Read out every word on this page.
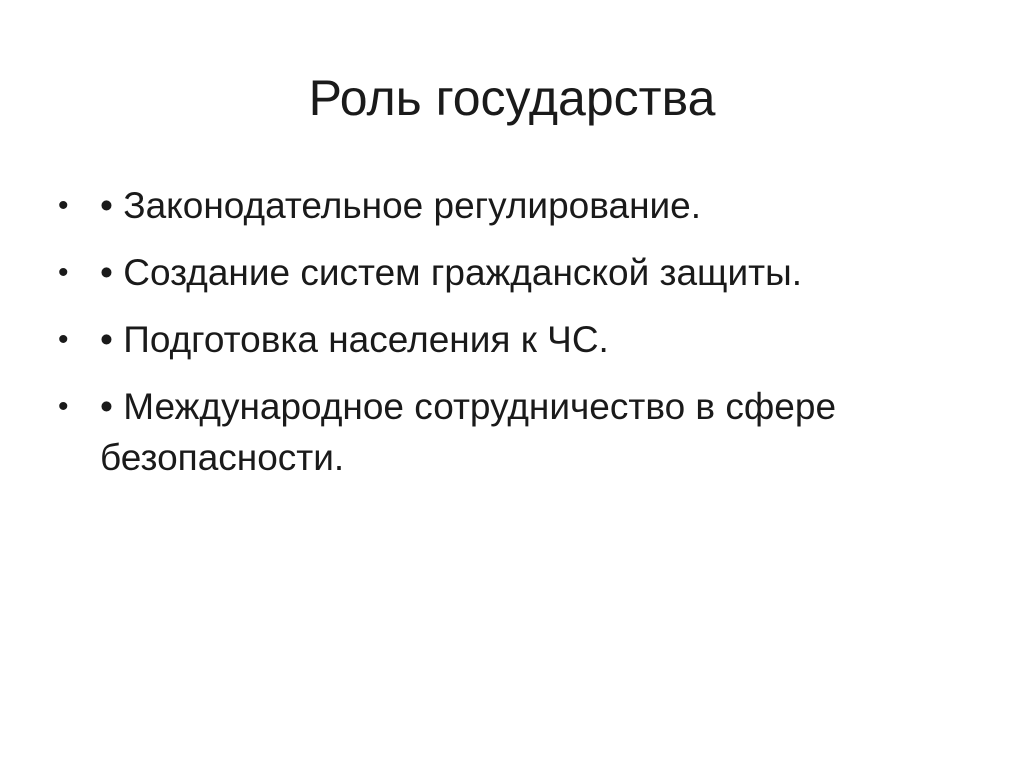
Роль государства
• • Законодательное регулирование.
• • Создание систем гражданской защиты.
• • Подготовка населения к ЧС.
• • Международное сотрудничество в сфере безопасности.
